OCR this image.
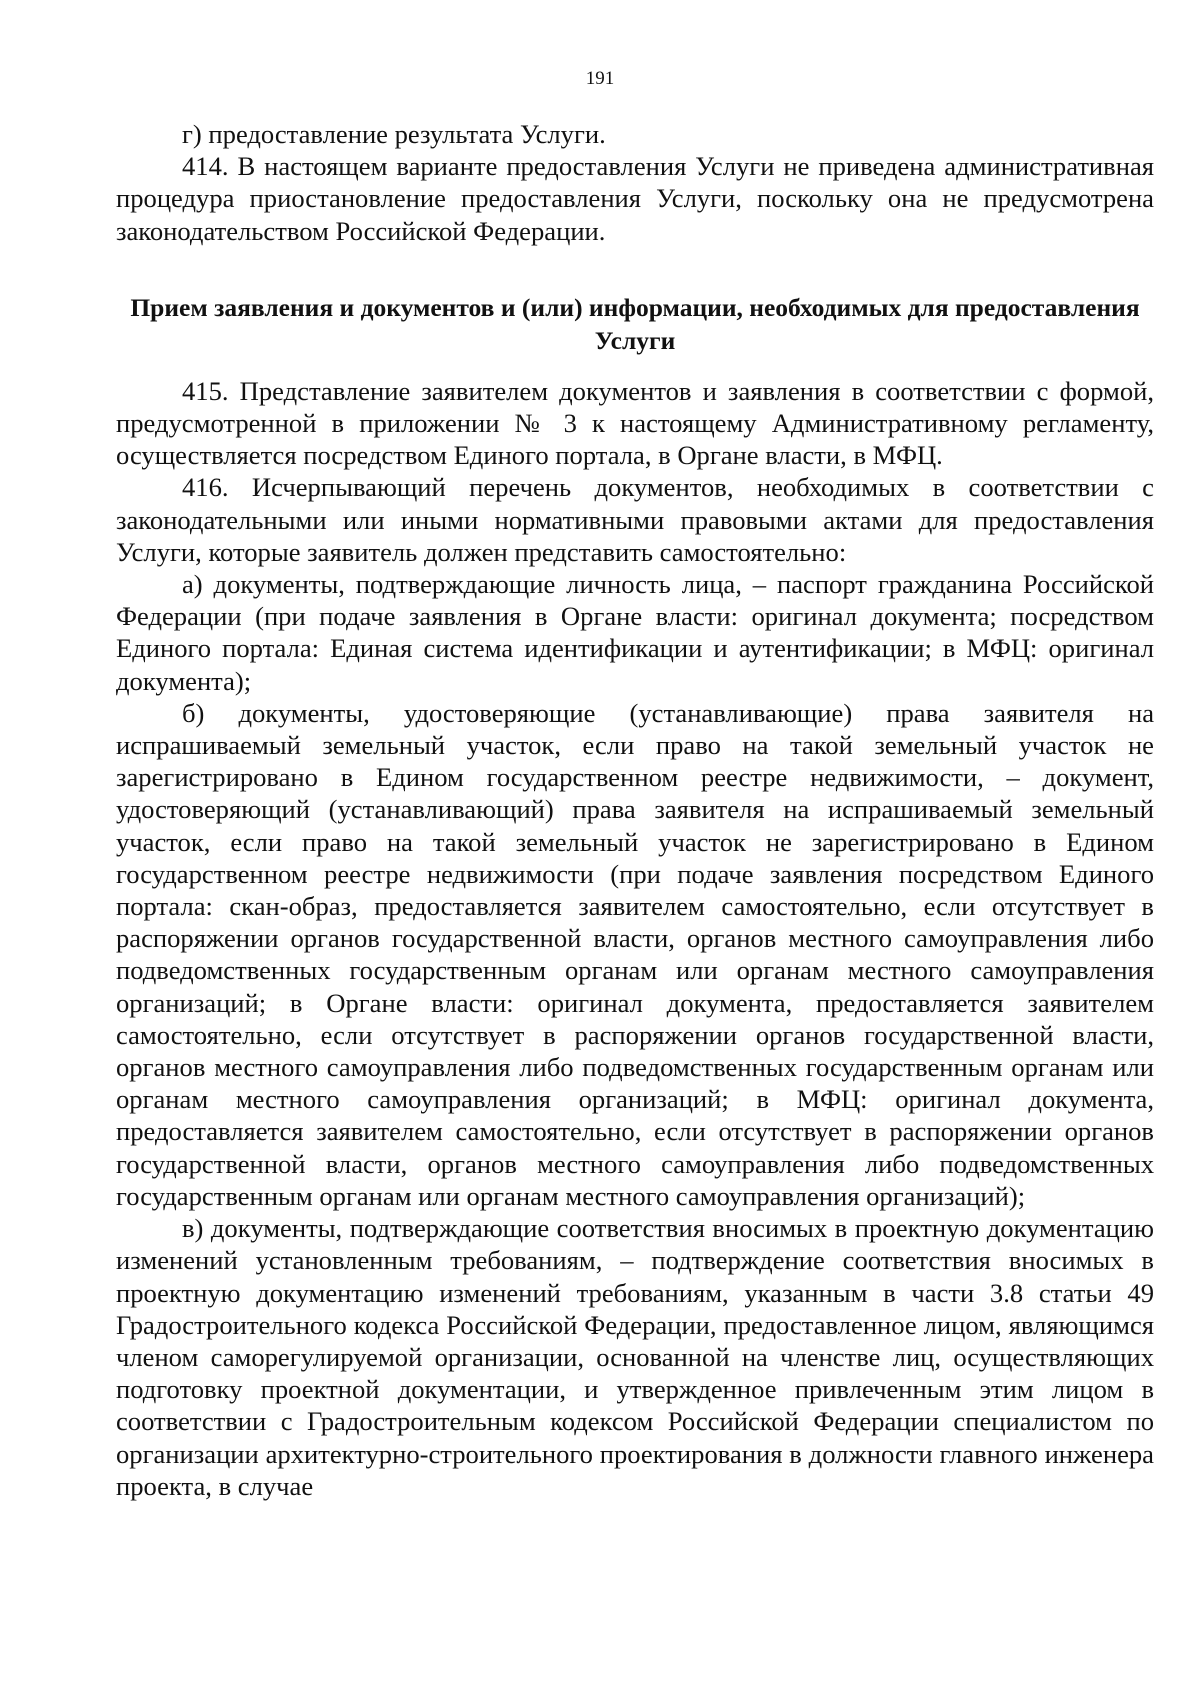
191

г) предоставление результата Услуги.

414. В настоящем варианте предоставления Услуги не приведена административная процедура приостановление предоставления Услуги, поскольку она не предусмотрена законодательством Российской Федерации.

Прием заявления и документов и (или) информации, необходимых для предоставления Услуги

415. Представление заявителем документов и заявления в соответствии с формой, предусмотренной в приложении № 3 к настоящему Административному регламенту, осуществляется посредством Единого портала, в Органе власти, в МФЦ.

416. Исчерпывающий перечень документов, необходимых в соответствии с законодательными или иными нормативными правовыми актами для предоставления Услуги, которые заявитель должен представить самостоятельно:

а) документы, подтверждающие личность лица, – паспорт гражданина Российской Федерации (при подаче заявления в Органе власти: оригинал документа; посредством Единого портала: Единая система идентификации и аутентификации; в МФЦ: оригинал документа);

б) документы, удостоверяющие (устанавливающие) права заявителя на испрашиваемый земельный участок, если право на такой земельный участок не зарегистрировано в Едином государственном реестре недвижимости, – документ, удостоверяющий (устанавливающий) права заявителя на испрашиваемый земельный участок, если право на такой земельный участок не зарегистрировано в Едином государственном реестре недвижимости (при подаче заявления посредством Единого портала: скан-образ, предоставляется заявителем самостоятельно, если отсутствует в распоряжении органов государственной власти, органов местного самоуправления либо подведомственных государственным органам или органам местного самоуправления организаций; в Органе власти: оригинал документа, предоставляется заявителем самостоятельно, если отсутствует в распоряжении органов государственной власти, органов местного самоуправления либо подведомственных государственным органам или органам местного самоуправления организаций; в МФЦ: оригинал документа, предоставляется заявителем самостоятельно, если отсутствует в распоряжении органов государственной власти, органов местного самоуправления либо подведомственных государственным органам или органам местного самоуправления организаций);

в) документы, подтверждающие соответствия вносимых в проектную документацию изменений установленным требованиям, – подтверждение соответствия вносимых в проектную документацию изменений требованиям, указанным в части 3.8 статьи 49 Градостроительного кодекса Российской Федерации, предоставленное лицом, являющимся членом саморегулируемой организации, основанной на членстве лиц, осуществляющих подготовку проектной документации, и утвержденное привлеченным этим лицом в соответствии с Градостроительным кодексом Российской Федерации специалистом по организации архитектурно-строительного проектирования в должности главного инженера проекта, в случае
